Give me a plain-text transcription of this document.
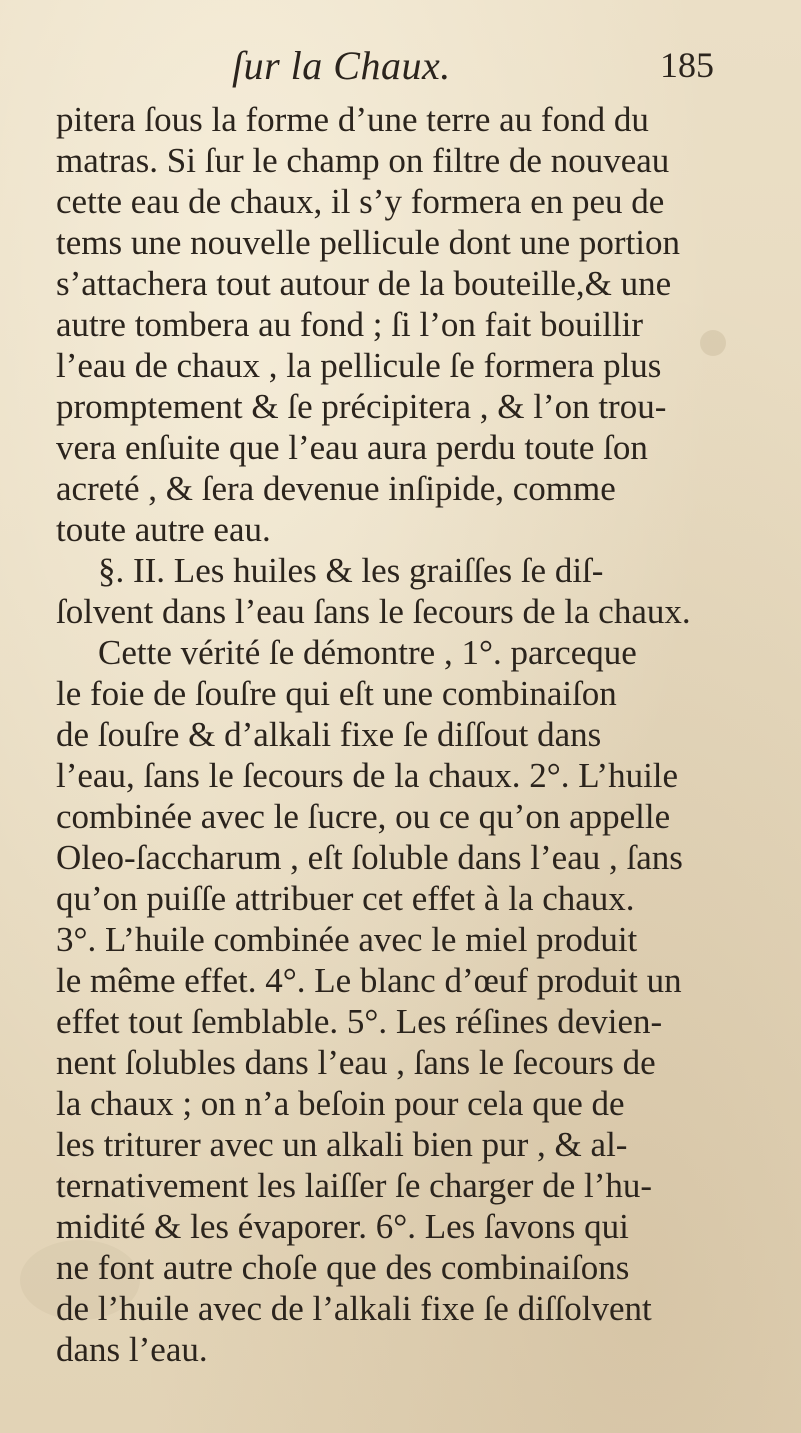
ſur la Chaux.	185
pitera ſous la forme d’une terre au fond du
matras. Si ſur le champ on filtre de nouveau
cette eau de chaux, il s’y formera en peu de
tems une nouvelle pellicule dont une portion
s’attachera tout autour de la bouteille,& une
autre tombera au fond ; ſi l’on fait bouillir
l’eau de chaux , la pellicule ſe formera plus
promptement & ſe précipitera , & l’on trou-
vera enſuite que l’eau aura perdu toute ſon
acreté , & ſera devenue inſipide, comme
toute autre eau.
§. II. Les huiles & les graiſſes ſe diſ-
ſolvent dans l’eau ſans le ſecours de la chaux.
Cette vérité ſe démontre , 1°. parceque
le foie de ſouſre qui eſt une combinaiſon
de ſouſre & d’alkali fixe ſe diſſout dans
l’eau, ſans le ſecours de la chaux. 2°. L’huile
combinée avec le ſucre, ou ce qu’on appelle
Oleo-ſaccharum , eſt ſoluble dans l’eau , ſans
qu’on puiſſe attribuer cet effet à la chaux.
3°. L’huile combinée avec le miel produit
le même effet. 4°. Le blanc d’œuf produit un
effet tout ſemblable. 5°. Les réſines devien-
nent ſolubles dans l’eau , ſans le ſecours de
la chaux ; on n’a beſoin pour cela que de
les triturer avec un alkali bien pur , & al-
ternativement les laiſſer ſe charger de l’hu-
midité & les évaporer. 6°. Les ſavons qui
ne font autre choſe que des combinaiſons
de l’huile avec de l’alkali fixe ſe diſſolvent
dans l’eau.
